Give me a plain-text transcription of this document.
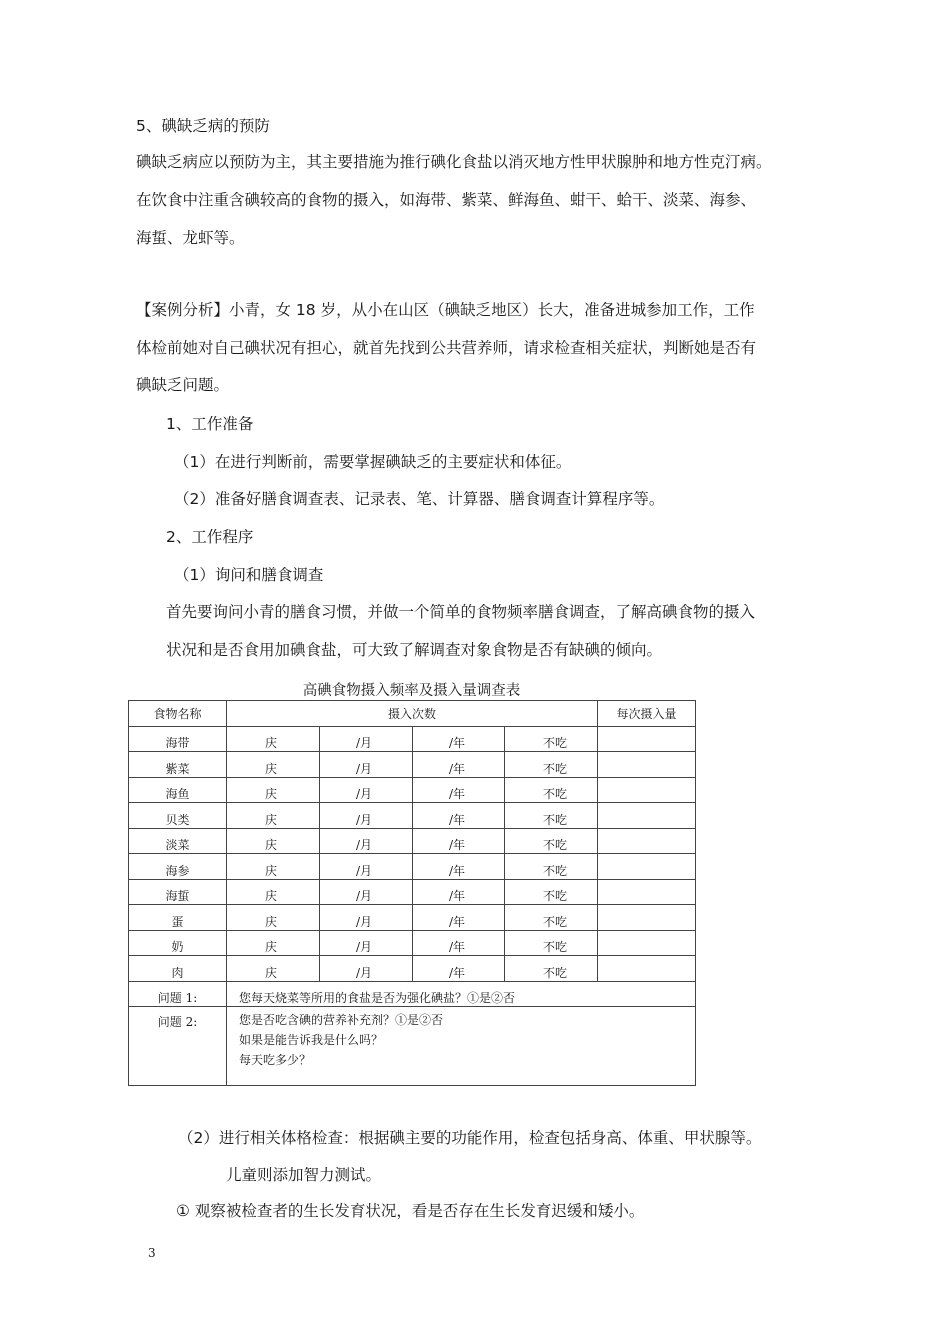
5、碘缺乏病的预防
碘缺乏病应以预防为主，其主要措施为推行碘化食盐以消灭地方性甲状腺肿和地方性克汀病。
在饮食中注重含碘较高的食物的摄入，如海带、紫菜、鲜海鱼、蚶干、蛤干、淡菜、海参、
海蜇、龙虾等。
【案例分析】小青，女 18 岁，从小在山区（碘缺乏地区）长大，准备进城参加工作，工作
体检前她对自己碘状况有担心，就首先找到公共营养师，请求检查相关症状，判断她是否有
碘缺乏问题。
1、工作准备
（1）在进行判断前，需要掌握碘缺乏的主要症状和体征。
（2）准备好膳食调查表、记录表、笔、计算器、膳食调查计算程序等。
2、工作程序
（1）询问和膳食调查
首先要询问小青的膳食习惯，并做一个简单的食物频率膳食调查，了解高碘食物的摄入
状况和是否食用加碘食盐，可大致了解调查对象食物是否有缺碘的倾向。
高碘食物摄入频率及摄入量调查表
食物名称	摄入次数				每次摄入量
海带	庆	/月	/年	不吃	
紫菜	庆	/月	/年	不吃	
海鱼	庆	/月	/年	不吃	
贝类	庆	/月	/年	不吃	
淡菜	庆	/月	/年	不吃	
海参	庆	/月	/年	不吃	
海蜇	庆	/月	/年	不吃	
蛋	庆	/月	/年	不吃	
奶	庆	/月	/年	不吃	
肉	庆	/月	/年	不吃	
问题 1:	您每天烧菜等所用的食盐是否为强化碘盐？①是②否				
问题 2:	您是否吃含碘的营养补充剂？①是②否
如果是能告诉我是什么吗？
每天吃多少？				
（2）进行相关体格检查：根据碘主要的功能作用，检查包括身高、体重、甲状腺等。
儿童则添加智力测试。
① 观察被检查者的生长发育状况，看是否存在生长发育迟缓和矮小。
3
